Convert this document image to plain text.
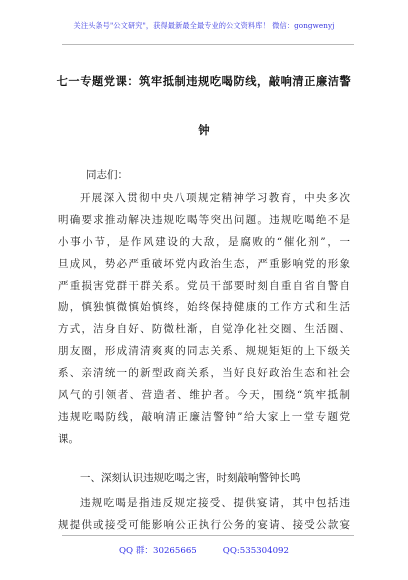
关注头条号"公文研究"，获得最新最全最专业的公文资料库！ 微信：gongwenyj
七一专题党课：筑牢抵制违规吃喝防线，敲响清正廉洁警
钟
同志们：
开展深入贯彻中央八项规定精神学习教育，中央多次
明确要求推动解决违规吃喝等突出问题。违规吃喝绝不是
小事小节，是作风建设的大敌，是腐败的“催化剂”，一
旦成风，势必严重破坏党内政治生态，严重影响党的形象
严重损害党群干群关系。党员干部要时刻自重自省自警自
励，慎独慎微慎始慎终，始终保持健康的工作方式和生活
方式，洁身自好、防微杜渐，自觉净化社交圈、生活圈、
朋友圈，形成清清爽爽的同志关系、规规矩矩的上下级关
系、亲清统一的新型政商关系，当好良好政治生态和社会
风气的引领者、营造者、维护者。今天，围绕“筑牢抵制
违规吃喝防线，敲响清正廉洁警钟”给大家上一堂专题党
课。
一、深刻认识违规吃喝之害，时刻敲响警钟长鸣
违规吃喝是指违反规定接受、提供宴请，其中包括违
规提供或接受可能影响公正执行公务的宴请、接受公款宴
QQ 群：30265665	QQ:535304092
